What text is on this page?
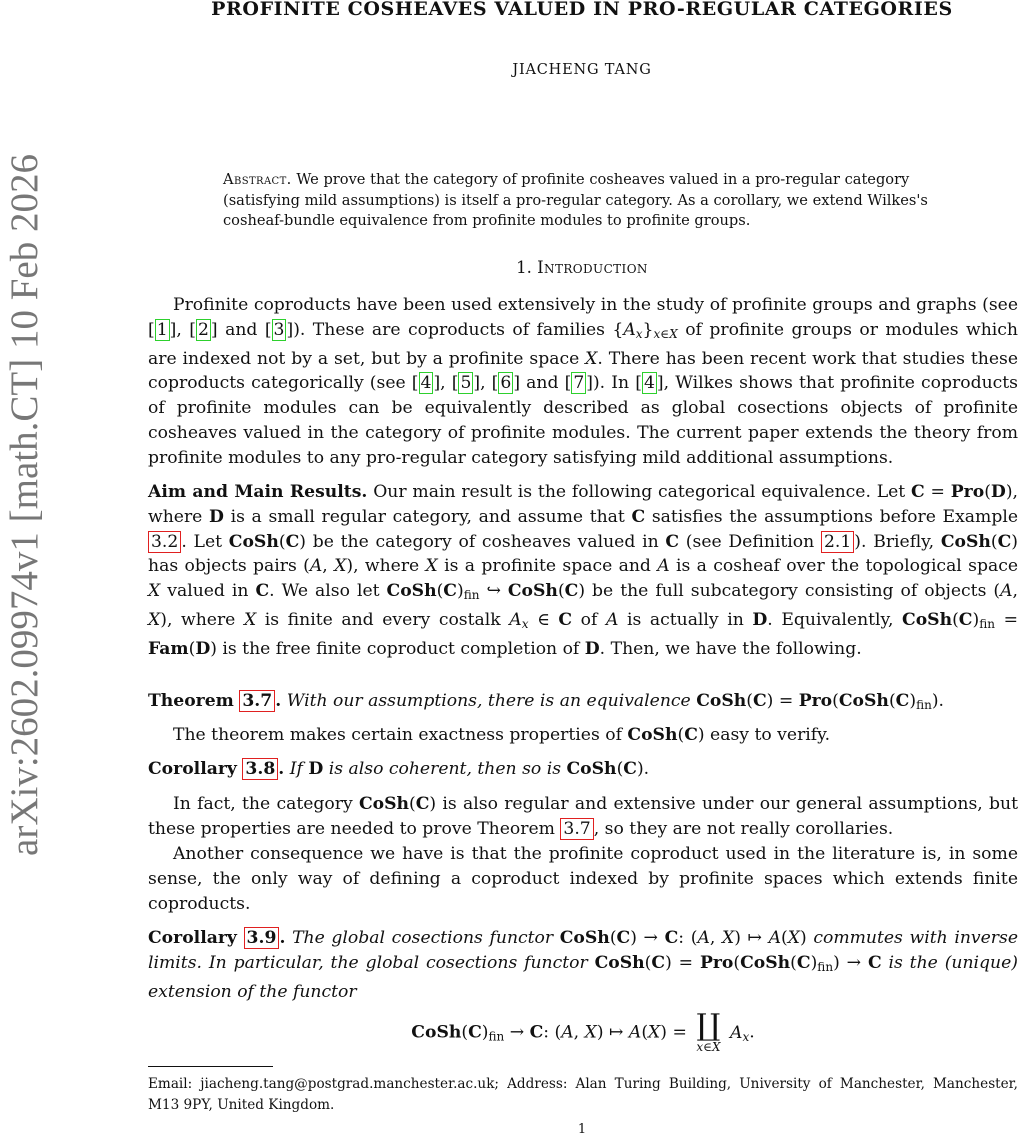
arXiv:2602.09974v1 [math.CT] 10 Feb 2026
PROFINITE COSHEAVES VALUED IN PRO-REGULAR CATEGORIES
JIACHENG TANG
Abstract. We prove that the category of profinite cosheaves valued in a pro-regular category (satisfying mild assumptions) is itself a pro-regular category. As a corollary, we extend Wilkes's cosheaf-bundle equivalence from profinite modules to profinite groups.
1. Introduction
Profinite coproducts have been used extensively in the study of profinite groups and graphs (see [ 1 ], [ 2 ] and [ 3 ]). These are coproducts of families $\{A_x\}_{x\in X}$ of profinite groups or modules which are indexed not by a set, but by a profinite space X. There has been recent work that studies these coproducts categorically (see [ 4 ], [ 5 ], [ 6 ] and [ 7 ]). In [ 4 ], Wilkes shows that profinite coproducts of profinite modules can be equivalently described as global cosections objects of profinite cosheaves valued in the category of profinite modules. The current paper extends the theory from profinite modules to any pro-regular category satisfying mild additional assumptions.
Aim and Main Results. Our main result is the following categorical equivalence. Let C = Pro(D), where D is a small regular category, and assume that C satisfies the assumptions before Example 3.2 . Let CoSh(C) be the category of cosheaves valued in C (see Definition 2.1 ). Briefly, CoSh(C) has objects pairs (A, X), where X is a profinite space and A is a cosheaf over the topological space X valued in C. We also let $CoSh(C)_{fin}$ ↪ CoSh(C) be the full subcategory consisting of objects (A, X), where X is finite and every costalk $A_x$ ∈ C of A is actually in D. Equivalently, $CoSh(C)_{fin} = Fam(D)$ is the free finite coproduct completion of D. Then, we have the following.
Theorem 3.7 . With our assumptions, there is an equivalence CoSh(C) = $Pro(CoSh(C)_{fin})$.
The theorem makes certain exactness properties of CoSh(C) easy to verify.
Corollary 3.8 . If D is also coherent, then so is CoSh(C).
In fact, the category CoSh(C) is also regular and extensive under our general assumptions, but these properties are needed to prove Theorem 3.7 , so they are not really corollaries.
Another consequence we have is that the profinite coproduct used in the literature is, in some sense, the only way of defining a coproduct indexed by profinite spaces which extends finite coproducts.
Corollary 3.9 . The global cosections functor CoSh(C) → C: (A, X) ↦ A(X) commutes with inverse limits. In particular, the global cosections functor CoSh(C) = $Pro(CoSh(C)_{fin}) \to C$ is the (unique) extension of the functor
$CoSh(C)_{fin} \to C$: (A, X) ↦ A(X) = ∐
x∈X
$A_x$.
Email: jiacheng.tang@postgrad.manchester.ac.uk; Address: Alan Turing Building, University of Manchester, Manchester, M13 9PY, United Kingdom.
1
